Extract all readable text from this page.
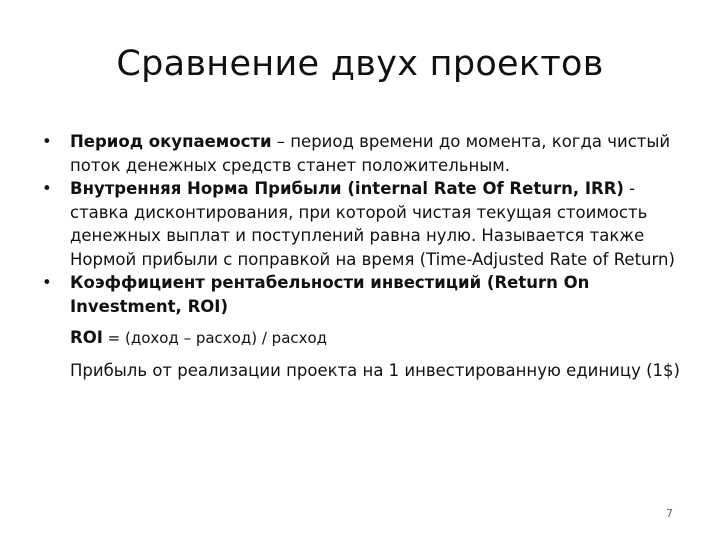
Сравнение двух проектов
•	Период окупаемости – период времени до момента, когда чистый поток денежных средств станет положительным.
•	Внутренняя Норма Прибыли (internal Rate Of Return, IRR) - ставка дисконтирования, при которой чистая текущая стоимость денежных выплат и поступлений равна нулю. Называется также Нормой прибыли с поправкой на время (Time-Adjusted Rate of Return)
•	Коэффициент рентабельности инвестиций (Return On Investment, ROI)
ROI = (доход – расход) / расход
Прибыль от реализации проекта на 1 инвестированную единицу (1$)
7
